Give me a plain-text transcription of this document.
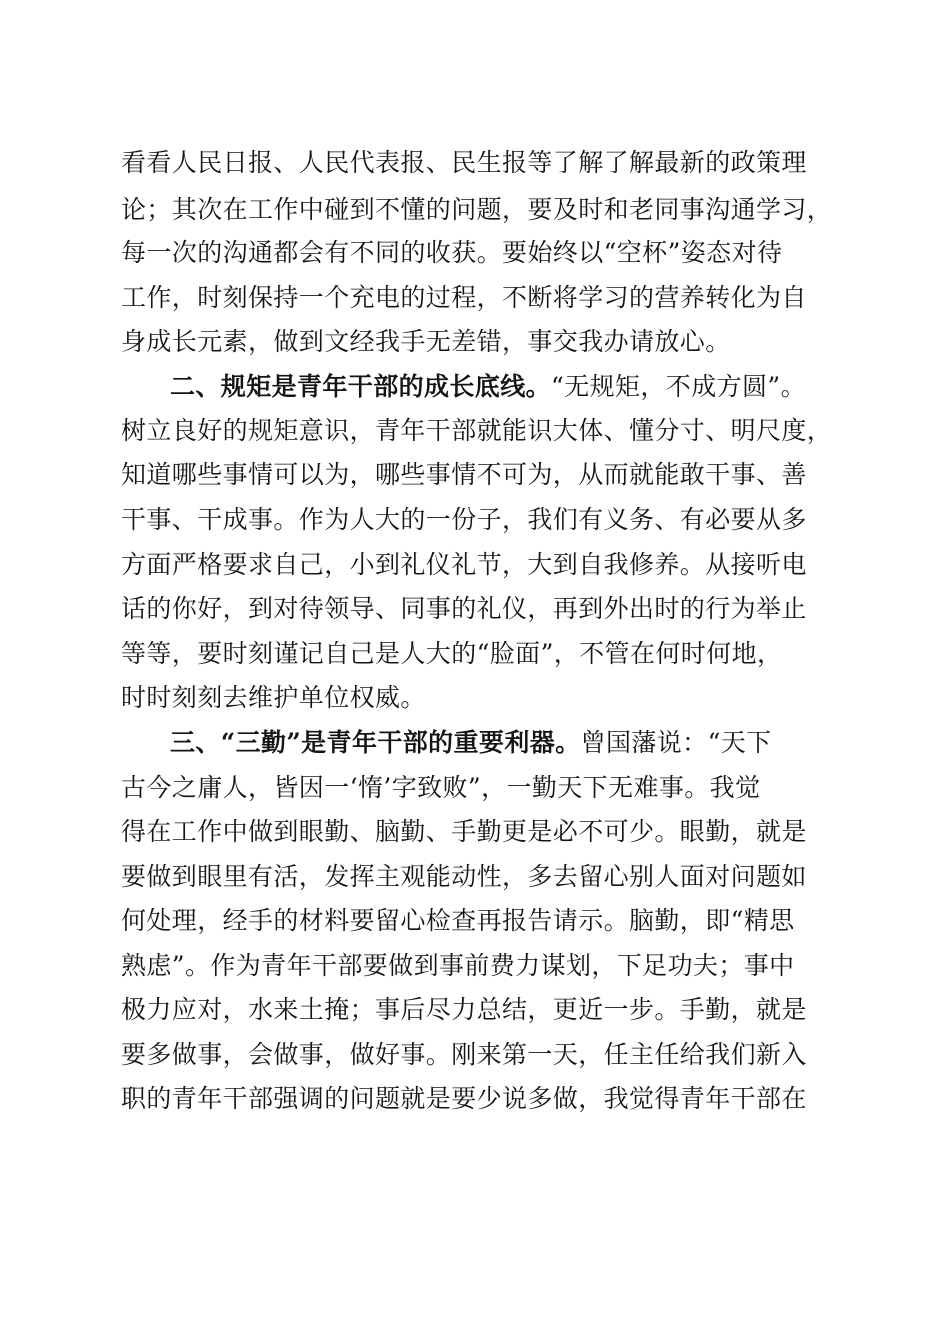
看看人民日报、人民代表报、民生报等了解了解最新的政策理
论；其次在工作中碰到不懂的问题，要及时和老同事沟通学习，
每一次的沟通都会有不同的收获。要始终以“空杯”姿态对待
工作，时刻保持一个充电的过程，不断将学习的营养转化为自
身成长元素，做到文经我手无差错，事交我办请放心。
二、规矩是青年干部的成长底线。“无规矩，不成方圆”。
树立良好的规矩意识，青年干部就能识大体、懂分寸、明尺度，
知道哪些事情可以为，哪些事情不可为，从而就能敢干事、善
干事、干成事。作为人大的一份子，我们有义务、有必要从多
方面严格要求自己，小到礼仪礼节，大到自我修养。从接听电
话的你好，到对待领导、同事的礼仪，再到外出时的行为举止
等等，要时刻谨记自己是人大的“脸面”，不管在何时何地，
时时刻刻去维护单位权威。
三、“三勤”是青年干部的重要利器。曾国藩说：“天下
古今之庸人，皆因一‘惰’字致败”，一勤天下无难事。我觉
得在工作中做到眼勤、脑勤、手勤更是必不可少。眼勤，就是
要做到眼里有活，发挥主观能动性，多去留心别人面对问题如
何处理，经手的材料要留心检查再报告请示。脑勤，即“精思
熟虑”。作为青年干部要做到事前费力谋划，下足功夫；事中
极力应对，水来土掩；事后尽力总结，更近一步。手勤，就是
要多做事，会做事，做好事。刚来第一天，任主任给我们新入
职的青年干部强调的问题就是要少说多做，我觉得青年干部在
